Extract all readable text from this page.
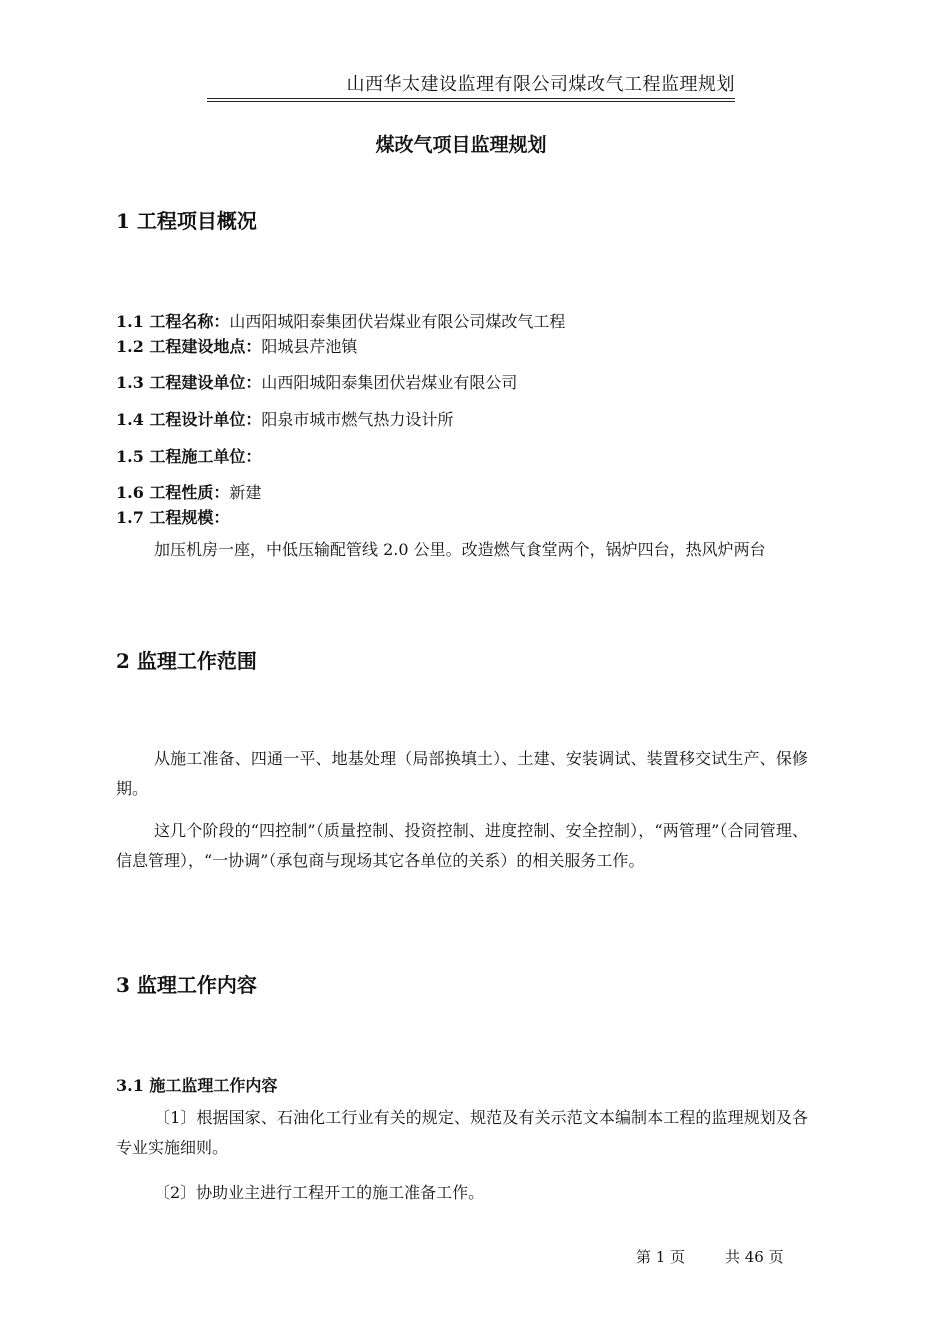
山西华太建设监理有限公司煤改气工程监理规划
煤改气项目监理规划
1 工程项目概况
1.1 工程名称：山西阳城阳泰集团伏岩煤业有限公司煤改气工程
1.2 工程建设地点：阳城县芹池镇
1.3 工程建设单位：山西阳城阳泰集团伏岩煤业有限公司
1.4 工程设计单位：阳泉市城市燃气热力设计所
1.5 工程施工单位：
1.6 工程性质：新建
1.7 工程规模：
加压机房一座，中低压输配管线 2.0 公里。改造燃气食堂两个，锅炉四台，热风炉两台
2 监理工作范围
从施工准备、四通一平、地基处理（局部换填土）、土建、安装调试、装置移交试生产、保修期。
这几个阶段的“四控制”（质量控制、投资控制、进度控制、安全控制），“两管理”（合同管理、信息管理），“一协调”（承包商与现场其它各单位的关系）的相关服务工作。
3 监理工作内容
3.1 施工监理工作内容
〔1〕根据国家、石油化工行业有关的规定、规范及有关示范文本编制本工程的监理规划及各专业实施细则。
〔2〕协助业主进行工程开工的施工准备工作。
第 1 页	共 46 页
